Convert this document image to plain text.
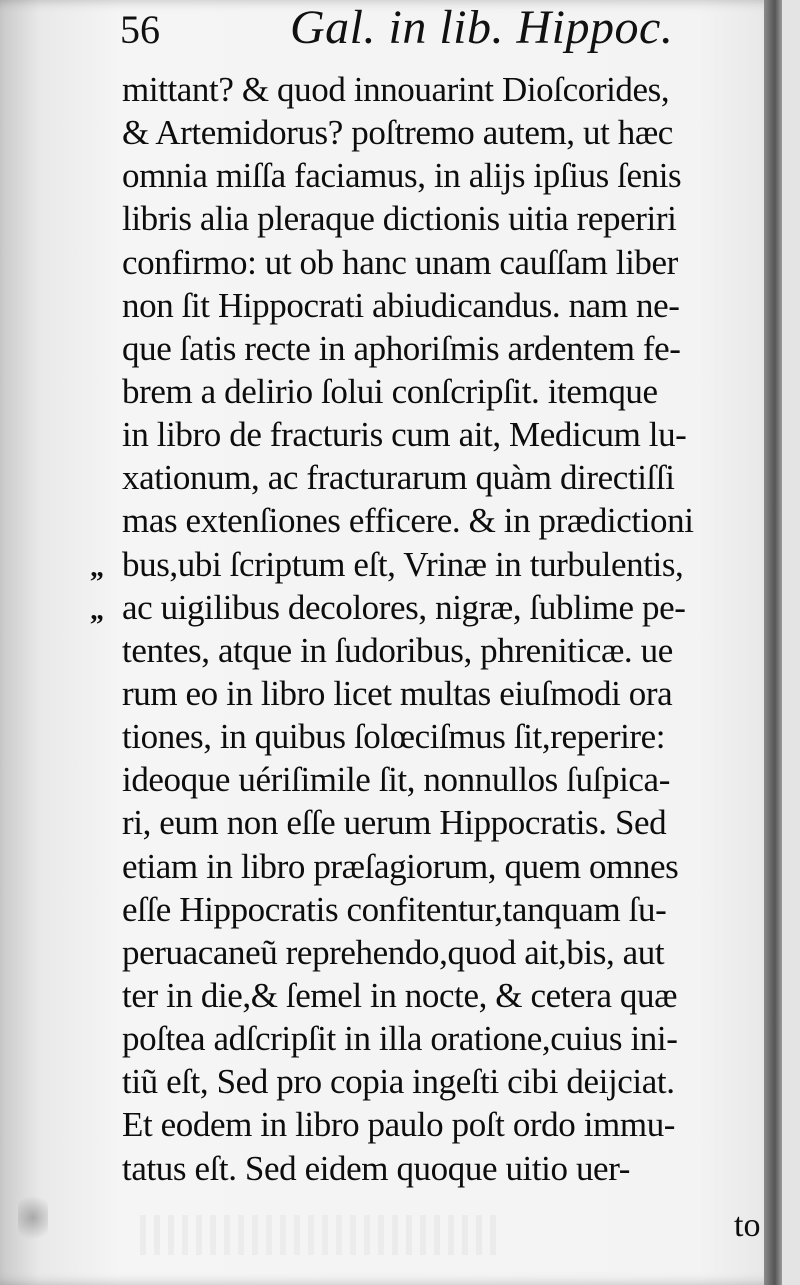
56	Gal. in lib. Hippoc.
mittant? & quod innouarint Dioſcorides,
& Artemidorus? poſtremo autem, ut hæc
omnia miſſa faciamus, in alijs ipſius ſenis
libris alia pleraque dictionis uitia reperiri
confirmo: ut ob hanc unam cauſſam liber
non ſit Hippocrati abiudicandus. nam ne-
que ſatis recte in aphoriſmis ardentem fe-
brem a delirio ſolui conſcripſit. itemque
in libro de fracturis cum ait, Medicum lu-
xationum, ac fracturarum quàm directiſſi
mas extenſiones efficere. & in prædictioni
„ bus,ubi ſcriptum eſt, Vrinæ in turbulentis,
„ ac uigilibus decolores, nigræ, ſublime pe-
tentes, atque in ſudoribus, phreniticæ. ue
rum eo in libro licet multas eiuſmodi ora
tiones, in quibus ſolœciſmus ſit,reperire:
ideoque uériſimile ſit, nonnullos ſuſpica-
ri, eum non eſſe uerum Hippocratis. Sed
etiam in libro præſagiorum, quem omnes
eſſe Hippocratis confitentur,tanquam ſu-
peruacaneũ reprehendo,quod ait,bis, aut
ter in die,& ſemel in nocte, & cetera quæ
poſtea adſcripſit in illa oratione,cuius ini-
tiũ eſt, Sed pro copia ingeſti cibi deijciat.
Et eodem in libro paulo poſt ordo immu-
tatus eſt. Sed eidem quoque uitio uer-
to
